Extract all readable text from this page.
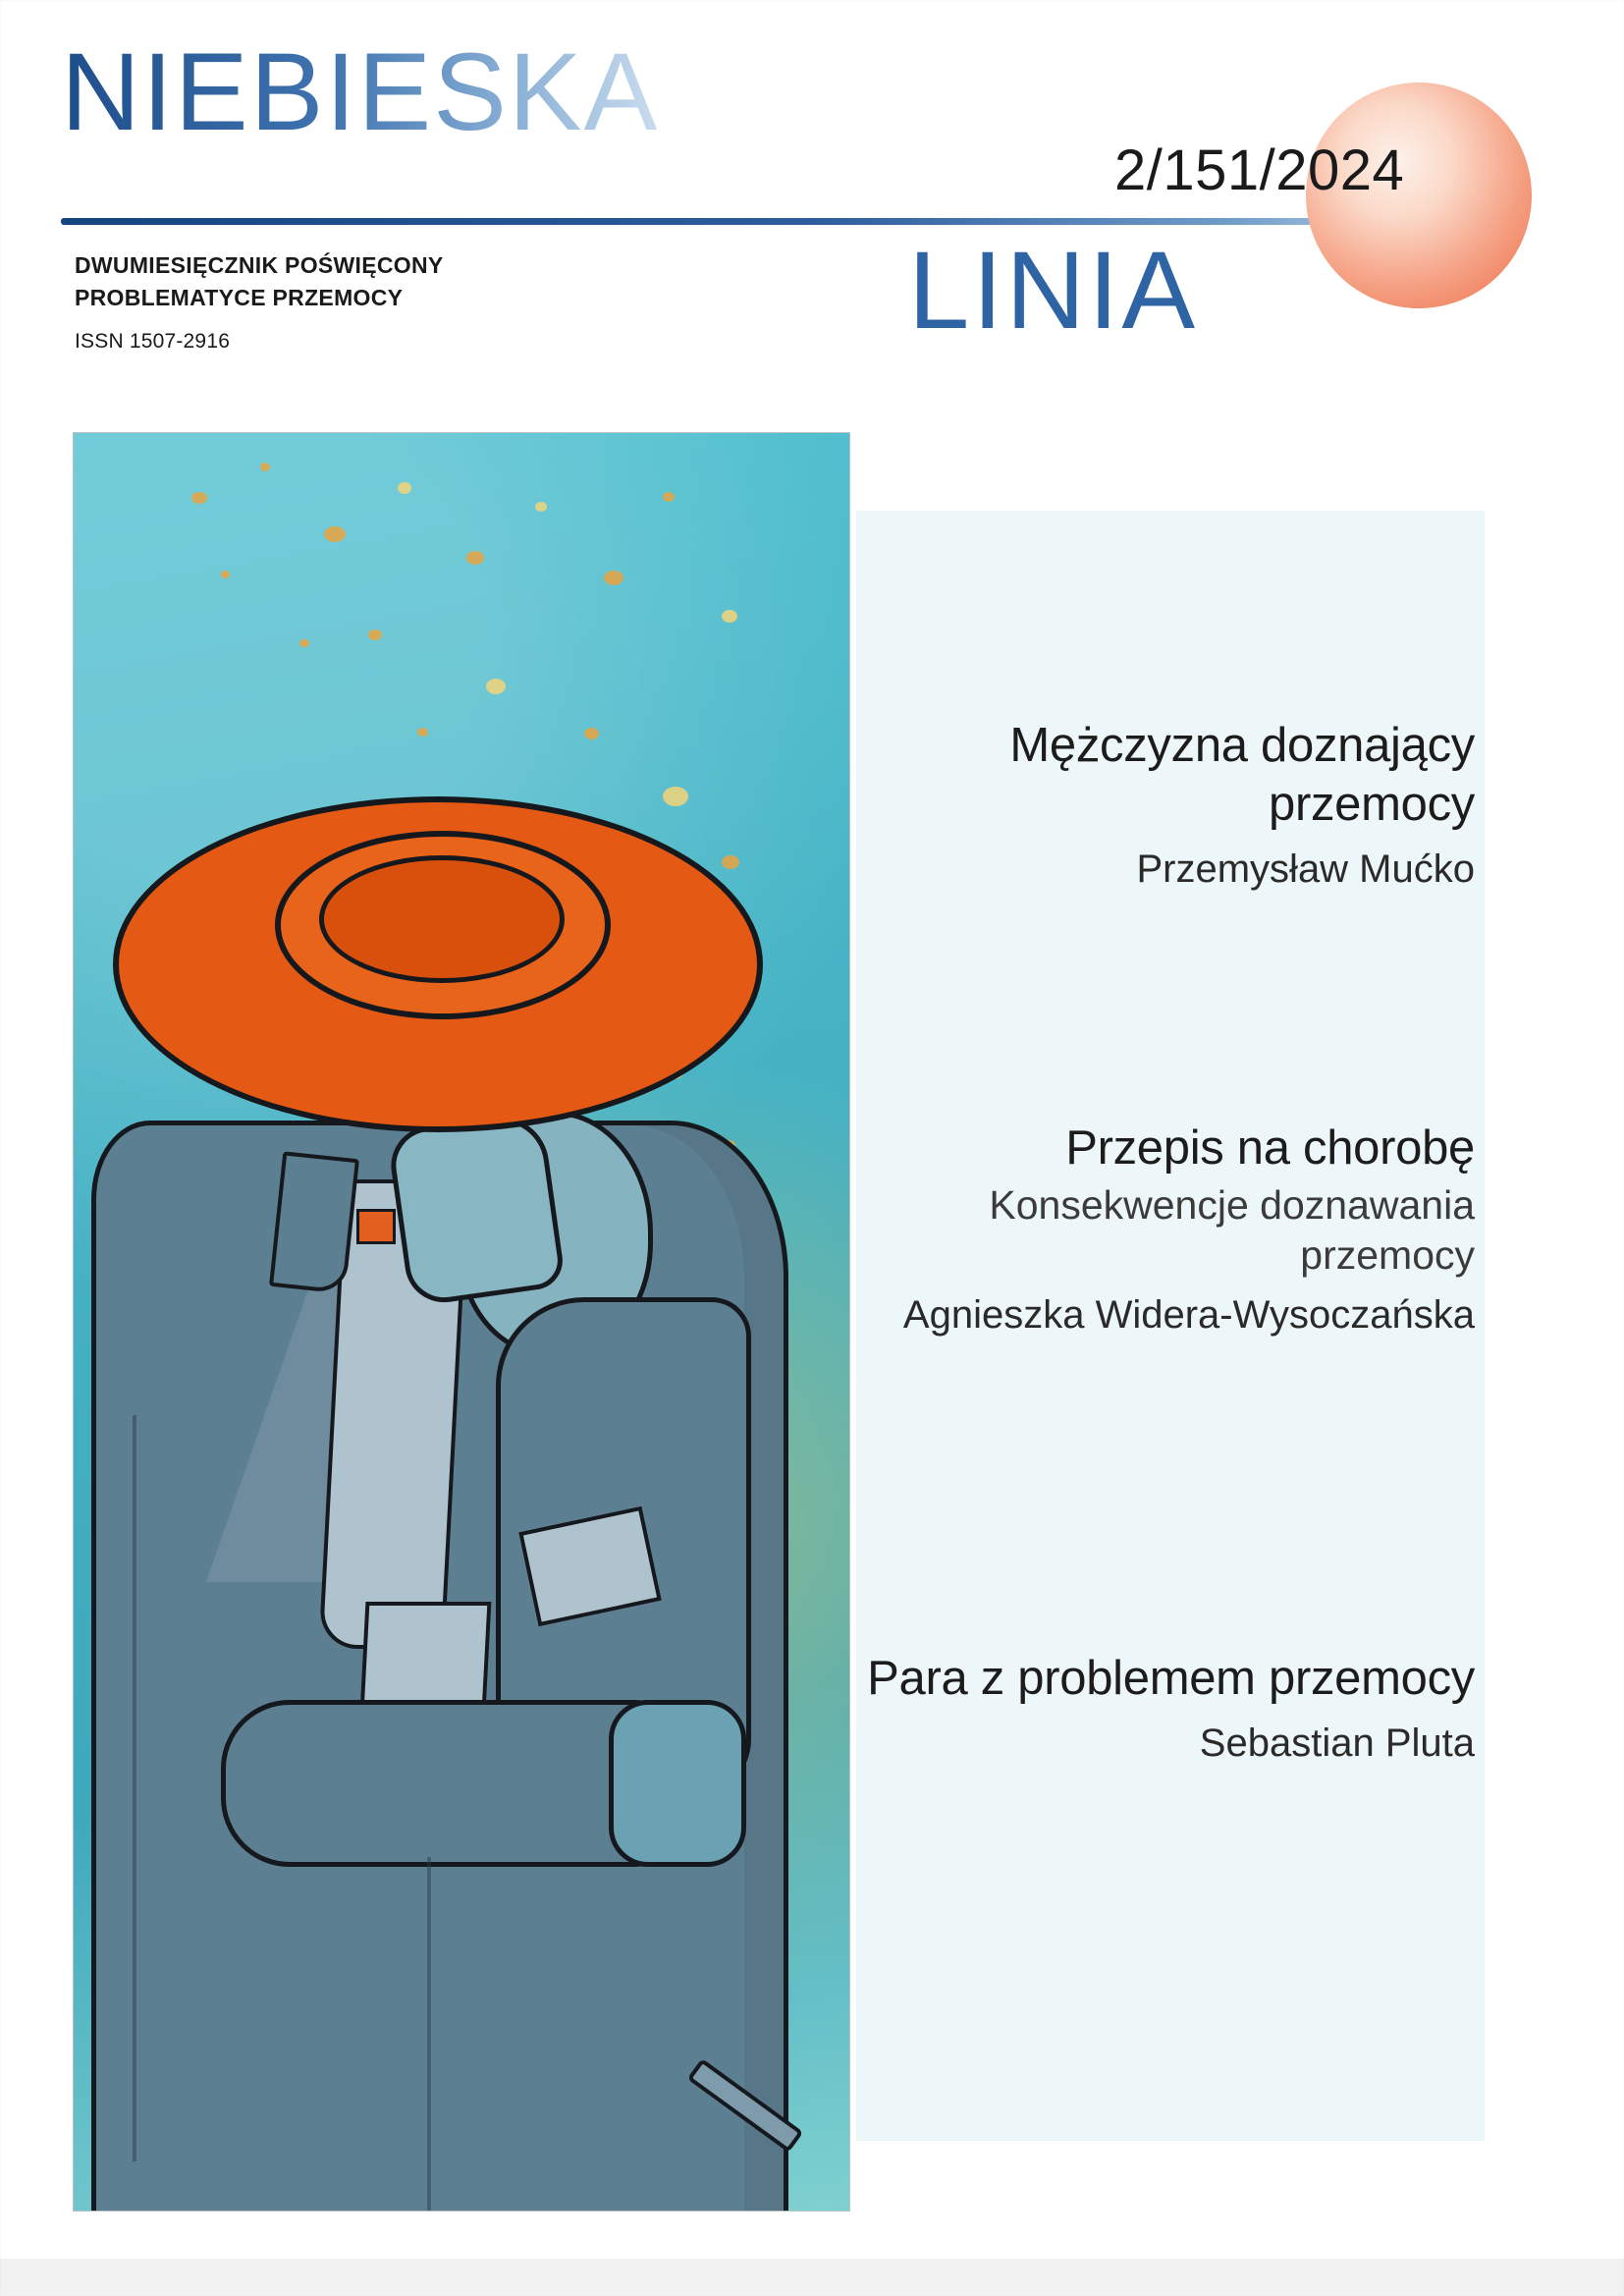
NIEBIESKA
LINIA
DWUMIESIĘCZNIK POŚWIĘCONY
PROBLEMATYCE PRZEMOCY
ISSN 1507-2916
2/151/2024
Mężczyzna doznający przemocy
Przemysław Mućko
Przepis na chorobę
Konsekwencje doznawania przemocy
Agnieszka Widera-Wysoczańska
Para z problemem przemocy
Sebastian Pluta
